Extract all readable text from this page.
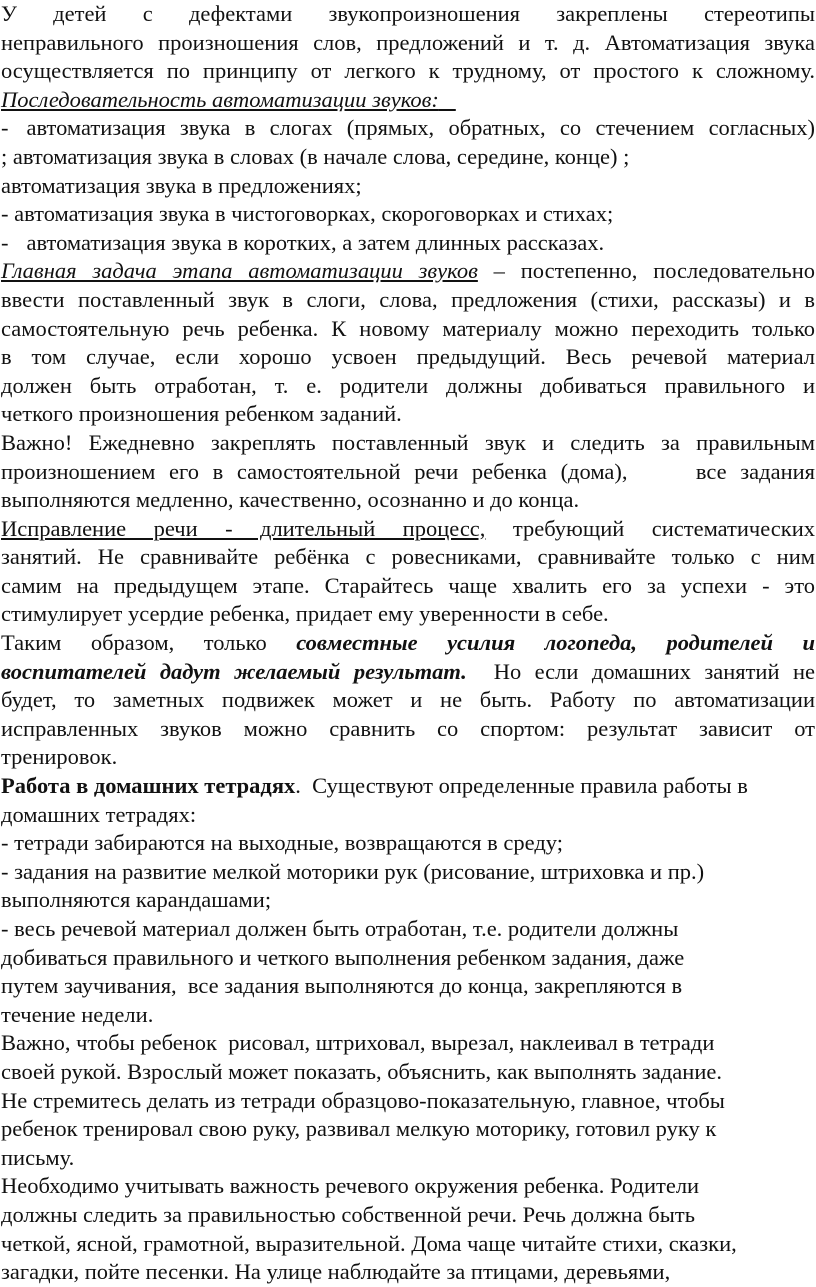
У детей с дефектами звукопроизношения закреплены стереотипы
неправильного произношения слов, предложений и т. д. Автоматизация звука
осуществляется по принципу от легкого к трудному, от простого к сложному.
Последовательность автоматизации звуков:
- автоматизация звука в слогах (прямых, обратных, со стечением согласных)
; автоматизация звука в словах (в начале слова, середине, конце) ;
автоматизация звука в предложениях;
- автоматизация звука в чистоговорках, скороговорках и стихах;
- автоматизация звука в коротких, а затем длинных рассказах.
Главная задача этапа автоматизации звуков – постепенно, последовательно
ввести поставленный звук в слоги, слова, предложения (стихи, рассказы) и в
самостоятельную речь ребенка. К новому материалу можно переходить только
в том случае, если хорошо усвоен предыдущий. Весь речевой материал
должен быть отработан, т. е. родители должны добиваться правильного и
четкого произношения ребенком заданий.
Важно! Ежедневно закреплять поставленный звук и следить за правильным
произношением его в самостоятельной речи ребенка (дома),     все задания
выполняются медленно, качественно, осознанно и до конца.
Исправление речи - длительный процесс, требующий систематических
занятий. Не сравнивайте ребёнка с ровесниками, сравнивайте только с ним
самим на предыдущем этапе. Старайтесь чаще хвалить его за успехи - это
стимулирует усердие ребенка, придает ему уверенности в себе.
Таким образом, только совместные усилия логопеда, родителей и
воспитателей дадут желаемый результат.  Но если домашних занятий не
будет, то заметных подвижек может и не быть. Работу по автоматизации
исправленных звуков можно сравнить со спортом: результат зависит от
тренировок.
Работа в домашних тетрадях.  Существуют определенные правила работы в
домашних тетрадях:
- тетради забираются на выходные, возвращаются в среду;
- задания на развитие мелкой моторики рук (рисование, штриховка и пр.)
выполняются карандашами;
- весь речевой материал должен быть отработан, т.е. родители должны
добиваться правильного и четкого выполнения ребенком задания, даже
путем заучивания,  все задания выполняются до конца, закрепляются в
течение недели.
Важно, чтобы ребенок  рисовал, штриховал, вырезал, наклеивал в тетради
своей рукой. Взрослый может показать, объяснить, как выполнять задание.
Не стремитесь делать из тетради образцово-показательную, главное, чтобы
ребенок тренировал свою руку, развивал мелкую моторику, готовил руку к
письму.
Необходимо учитывать важность речевого окружения ребенка. Родители
должны следить за правильностью собственной речи. Речь должна быть
четкой, ясной, грамотной, выразительной. Дома чаще читайте стихи, сказки,
загадки, пойте песенки. На улице наблюдайте за птицами, деревьями,
